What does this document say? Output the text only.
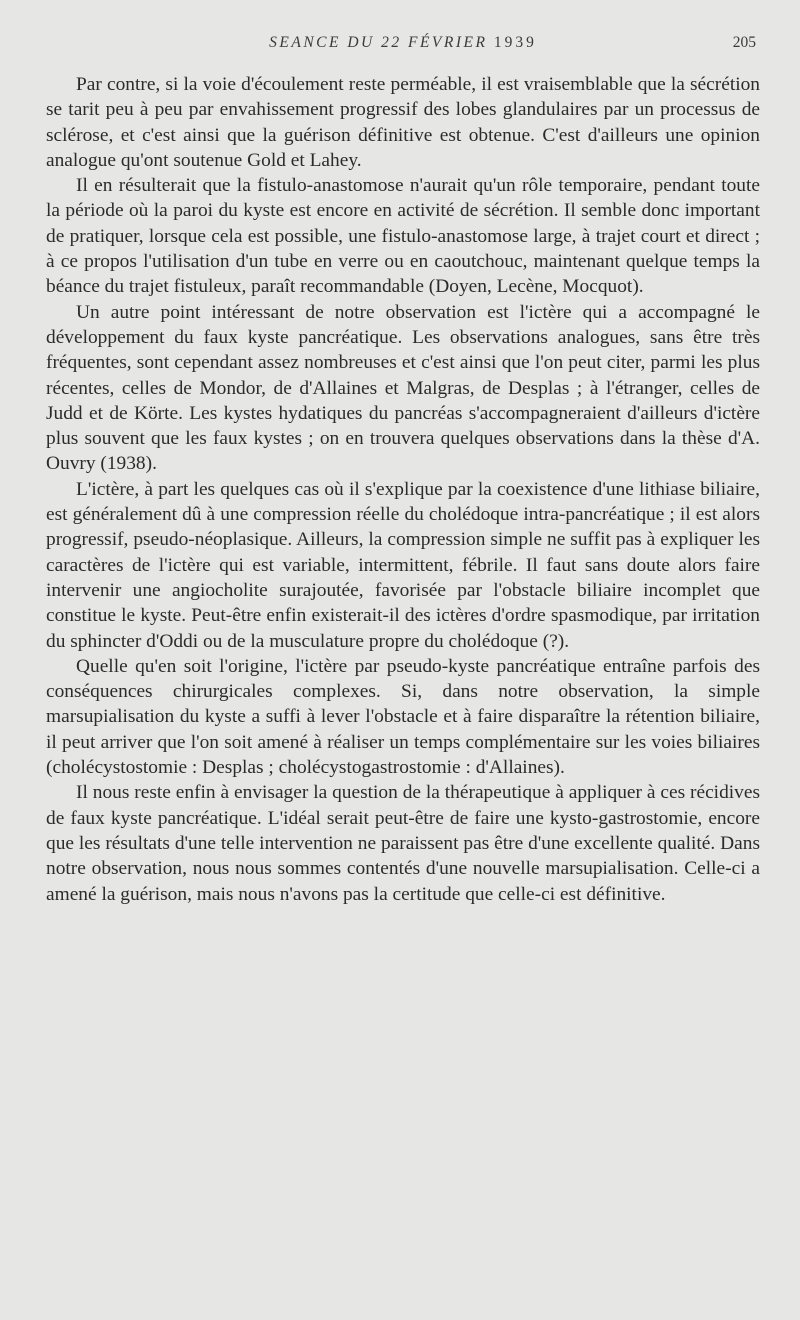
SEANCE DU 22 FÉVRIER 1939	205

Par contre, si la voie d'écoulement reste perméable, il est vraisemblable que la sécrétion se tarit peu à peu par envahissement progressif des lobes glandulaires par un processus de sclérose, et c'est ainsi que la guérison définitive est obtenue. C'est d'ailleurs une opinion analogue qu'ont soutenue Gold et Lahey.

Il en résulterait que la fistulo-anastomose n'aurait qu'un rôle temporaire, pendant toute la période où la paroi du kyste est encore en activité de sécrétion. Il semble donc important de pratiquer, lorsque cela est possible, une fistulo-anastomose large, à trajet court et direct ; à ce propos l'utilisation d'un tube en verre ou en caoutchouc, maintenant quelque temps la béance du trajet fistuleux, paraît recommandable (Doyen, Lecène, Mocquot).

Un autre point intéressant de notre observation est l'ictère qui a accompagné le développement du faux kyste pancréatique. Les observations analogues, sans être très fréquentes, sont cependant assez nombreuses et c'est ainsi que l'on peut citer, parmi les plus récentes, celles de Mondor, de d'Allaines et Malgras, de Desplas ; à l'étranger, celles de Judd et de Körte. Les kystes hydatiques du pancréas s'accompagneraient d'ailleurs d'ictère plus souvent que les faux kystes ; on en trouvera quelques observations dans la thèse d'A. Ouvry (1938).

L'ictère, à part les quelques cas où il s'explique par la coexistence d'une lithiase biliaire, est généralement dû à une compression réelle du cholédoque intra-pancréatique ; il est alors progressif, pseudo-néoplasique. Ailleurs, la compression simple ne suffit pas à expliquer les caractères de l'ictère qui est variable, intermittent, fébrile. Il faut sans doute alors faire intervenir une angiocholite surajoutée, favorisée par l'obstacle biliaire incomplet que constitue le kyste. Peut-être enfin existerait-il des ictères d'ordre spasmodique, par irritation du sphincter d'Oddi ou de la musculature propre du cholédoque (?).

Quelle qu'en soit l'origine, l'ictère par pseudo-kyste pancréatique entraîne parfois des conséquences chirurgicales complexes. Si, dans notre observation, la simple marsupialisation du kyste a suffi à lever l'obstacle et à faire disparaître la rétention biliaire, il peut arriver que l'on soit amené à réaliser un temps complémentaire sur les voies biliaires (cholécystostomie : Desplas ; cholécystogastrostomie : d'Allaines).

Il nous reste enfin à envisager la question de la thérapeutique à appliquer à ces récidives de faux kyste pancréatique. L'idéal serait peut-être de faire une kysto-gastrostomie, encore que les résultats d'une telle intervention ne paraissent pas être d'une excellente qualité. Dans notre observation, nous nous sommes contentés d'une nouvelle marsupialisation. Celle-ci a amené la guérison, mais nous n'avons pas la certitude que celle-ci est définitive.
